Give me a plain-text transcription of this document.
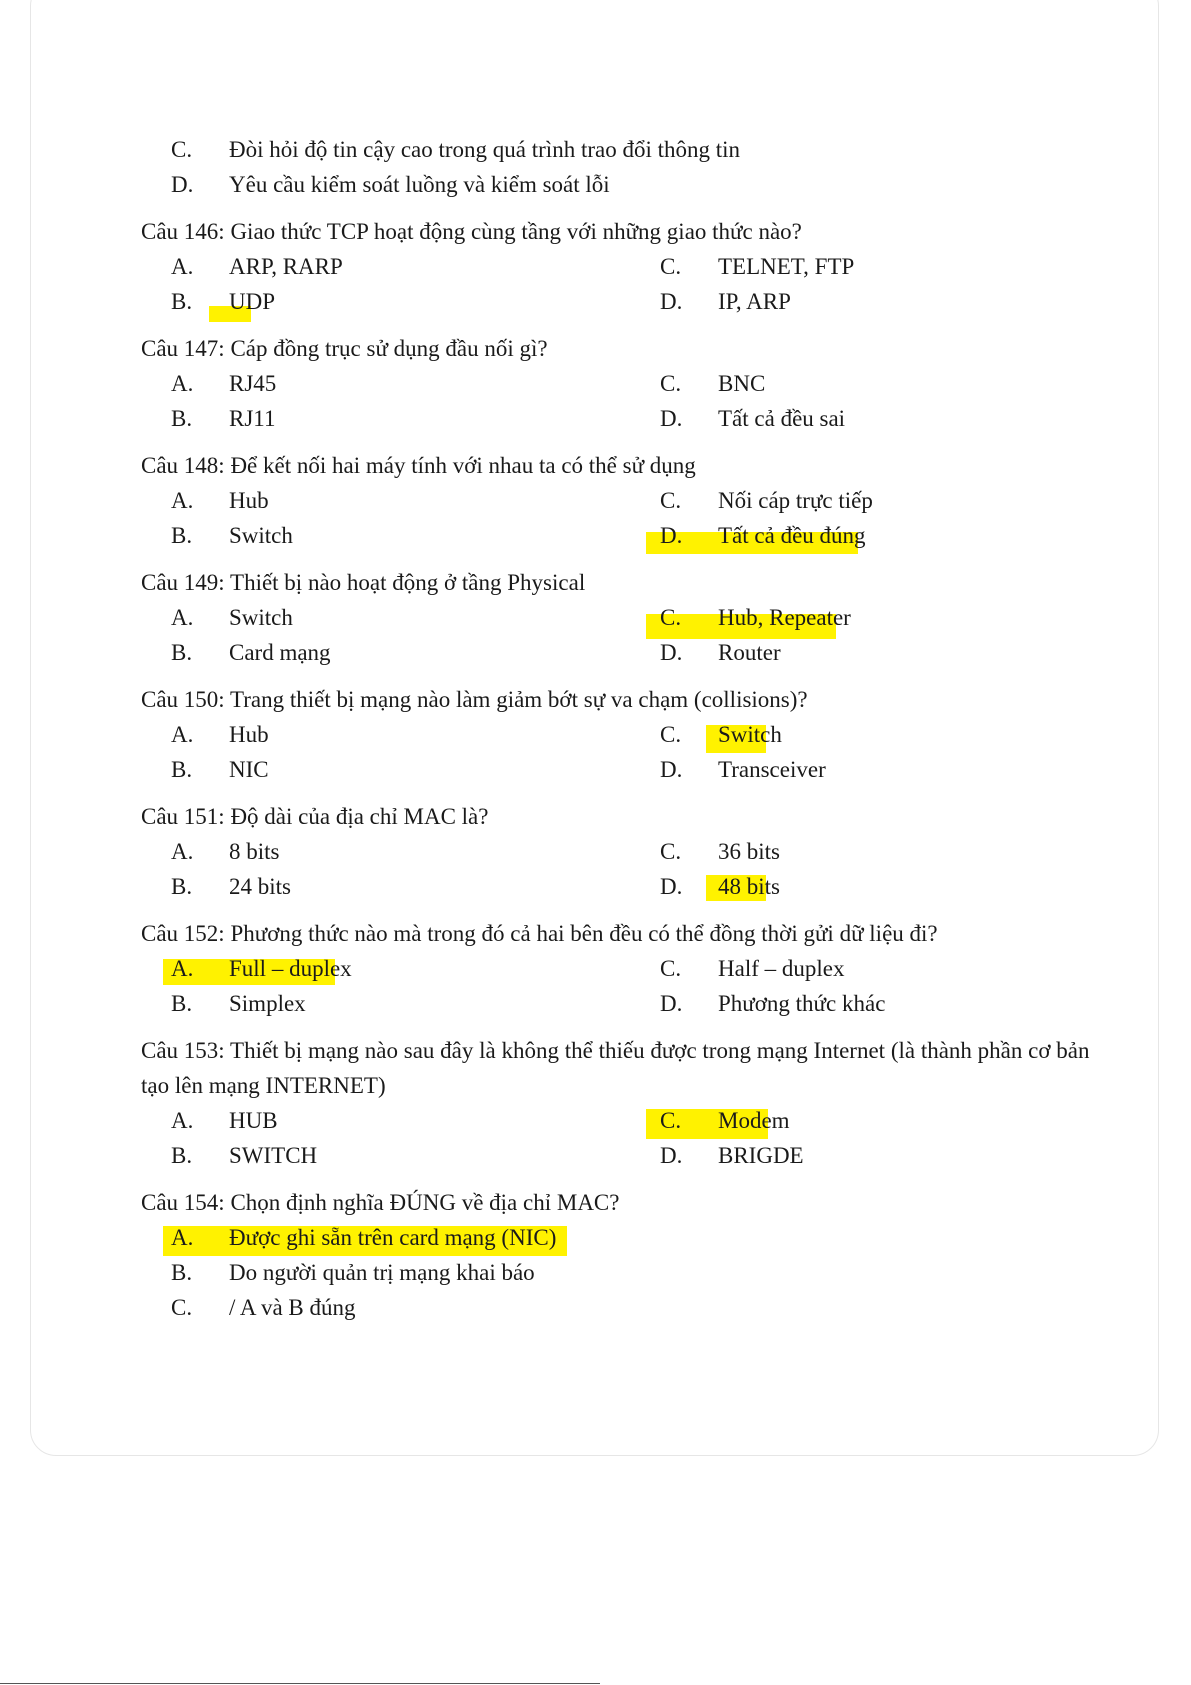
C. Đòi hỏi độ tin cậy cao trong quá trình trao đổi thông tin
D. Yêu cầu kiểm soát luồng và kiểm soát lỗi
Câu 146: Giao thức TCP hoạt động cùng tầng với những giao thức nào?
A. ARP, RARP	C. TELNET, FTP
B. UDP	D. IP, ARP
Câu 147: Cáp đồng trục sử dụng đầu nối gì?
A. RJ45	C. BNC
B. RJ11	D. Tất cả đều sai
Câu 148: Để kết nối hai máy tính với nhau ta có thể sử dụng
A. Hub	C. Nối cáp trực tiếp
B. Switch	D. Tất cả đều đúng
Câu 149: Thiết bị nào hoạt động ở tầng Physical
A. Switch	C. Hub, Repeater
B. Card mạng	D. Router
Câu 150: Trang thiết bị mạng nào làm giảm bớt sự va chạm (collisions)?
A. Hub	C. Switch
B. NIC	D. Transceiver
Câu 151: Độ dài của địa chỉ MAC là?
A. 8 bits	C. 36 bits
B. 24 bits	D. 48 bits
Câu 152: Phương thức nào mà trong đó cả hai bên đều có thể đồng thời gửi dữ liệu đi?
A. Full – duplex	C. Half – duplex
B. Simplex	D. Phương thức khác
Câu 153: Thiết bị mạng nào sau đây là không thể thiếu được trong mạng Internet (là thành phần cơ bản tạo lên mạng INTERNET)
A. HUB	C. Modem
B. SWITCH	D. BRIGDE
Câu 154: Chọn định nghĩa ĐÚNG về địa chỉ MAC?
A. Được ghi sẵn trên card mạng (NIC)
B. Do người quản trị mạng khai báo
C. / A và B đúng
